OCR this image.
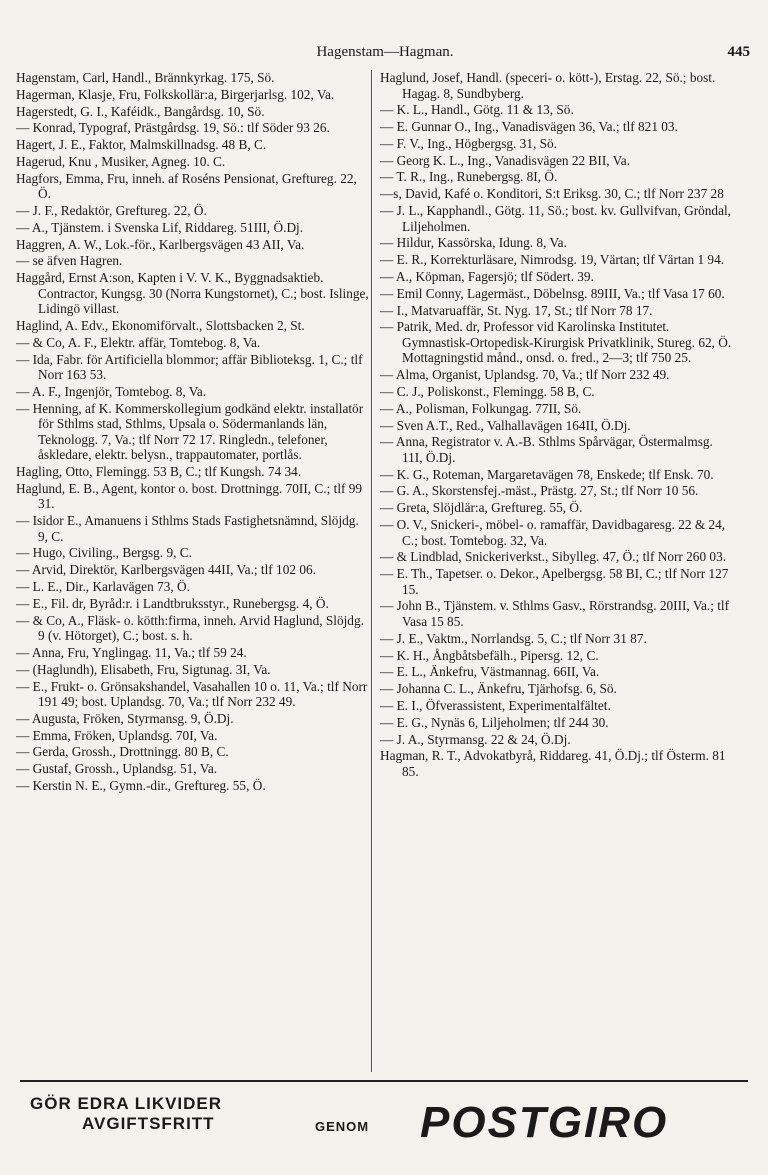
Hagenstam—Hagman.	445

Hagenstam, Carl, Handl., Brännkyrkag. 175, Sö.

Hagerman, Klasje, Fru, Folkskollär:a, Birgerjarlsg. 102, Va.

Hagerstedt, G. I., Kaféidk., Bangårdsg. 10, Sö.

— Konrad, Typograf, Prästgårdsg. 19, Sö.: tlf Söder 93 26.

Hagert, J. E., Faktor, Malmskillnadsg. 48 B, C.

Hagerud, Knu , Musiker, Agneg. 10. C.

Hagfors, Emma, Fru, inneh. af Roséns Pensionat, Greftureg. 22, Ö.

— J. F., Redaktör, Greftureg. 22, Ö.

— A., Tjänstem. i Svenska Lif, Riddareg. 51III, Ö.Dj.

Haggren, A. W., Lok.-för., Karlbergsvägen 43 AII, Va.

— se äfven Hagren.

Haggård, Ernst A:son, Kapten i V. V. K., Byggnadsaktieb. Contractor, Kungsg. 30 (Norra Kungstornet), C.; bost. Islinge, Lidingö villast.

Haglind, A. Edv., Ekonomiförvalt., Slottsbacken 2, St.

— & Co, A. F., Elektr. affär, Tomtebog. 8, Va.

— Ida, Fabr. för Artificiella blommor; affär Biblioteksg. 1, C.; tlf Norr 163 53.

— A. F., Ingenjör, Tomtebog. 8, Va.

— Henning, af K. Kommerskollegium godkänd elektr. installatör för Sthlms stad, Sthlms, Upsala o. Södermanlands län, Teknologg. 7, Va.; tlf Norr 72 17. Ringledn., telefoner, åskledare, elektr. belysn., trappautomater, portlås.

Hagling, Otto, Flemingg. 53 B, C.; tlf Kungsh. 74 34.

Haglund, E. B., Agent, kontor o. bost. Drottningg. 70II, C.; tlf 99 31.

— Isidor E., Amanuens i Sthlms Stads Fastighetsnämnd, Slöjdg. 9, C.

— Hugo, Civiling., Bergsg. 9, C.

— Arvid, Direktör, Karlbergsvägen 44II, Va.; tlf 102 06.

— L. E., Dir., Karlavägen 73, Ö.

— E., Fil. dr, Byråd:r. i Landtbruksstyr., Runebergsg. 4, Ö.

— & Co, A., Fläsk- o. kötth:firma, inneh. Arvid Haglund, Slöjdg. 9 (v. Hötorget), C.; bost. s. h.

— Anna, Fru, Ynglingag. 11, Va.; tlf 59 24.

— (Haglundh), Elisabeth, Fru, Sigtunag. 3I, Va.

— E., Frukt- o. Grönsakshandel, Vasahallen 10 o. 11, Va.; tlf Norr 191 49; bost. Uplandsg. 70, Va.; tlf Norr 232 49.

— Augusta, Fröken, Styrmansg. 9, Ö.Dj.

— Emma, Fröken, Uplandsg. 70I, Va.

— Gerda, Grossh., Drottningg. 80 B, C.

— Gustaf, Grossh., Uplandsg. 51, Va.

— Kerstin N. E., Gymn.-dir., Greftureg. 55, Ö.

Haglund, Josef, Handl. (speceri- o. kött-), Erstag. 22, Sö.; bost. Hagag. 8, Sundbyberg.

— K. L., Handl., Götg. 11 & 13, Sö.

— E. Gunnar O., Ing., Vanadisvägen 36, Va.; tlf 821 03.

— F. V., Ing., Högbergsg. 31, Sö.

— Georg K. L., Ing., Vanadisvägen 22 BII, Va.

— T. R., Ing., Runebergsg. 8I, Ö.

—s, David, Kafé o. Konditori, S:t Eriksg. 30, C.; tlf Norr 237 28

— J. L., Kapphandl., Götg. 11, Sö.; bost. kv. Gullvifvan, Gröndal, Liljeholmen.

— Hildur, Kassörska, Idung. 8, Va.

— E. R., Korrekturläsare, Nimrodsg. 19, Värtan; tlf Värtan 1 94.

— A., Köpman, Fagersjö; tlf Södert. 39.

— Emil Conny, Lagermäst., Döbelnsg. 89III, Va.; tlf Vasa 17 60.

— I., Matvaruaffär, St. Nyg. 17, St.; tlf Norr 78 17.

— Patrik, Med. dr, Professor vid Karolinska Institutet. Gymnastisk-Ortopedisk-Kirurgisk Privatklinik, Stureg. 62, Ö. Mottagningstid månd., onsd. o. fred., 2—3; tlf 750 25.

— Alma, Organist, Uplandsg. 70, Va.; tlf Norr 232 49.

— C. J., Poliskonst., Flemingg. 58 B, C.

— A., Polisman, Folkungag. 77II, Sö.

— Sven A.T., Red., Valhallavägen 164II, Ö.Dj.

— Anna, Registrator v. A.-B. Sthlms Spårvägar, Östermalmsg. 11I, Ö.Dj.

— K. G., Roteman, Margaretavägen 78, Enskede; tlf Ensk. 70.

— G. A., Skorstensfej.-mäst., Prästg. 27, St.; tlf Norr 10 56.

— Greta, Slöjdlär:a, Greftureg. 55, Ö.

— O. V., Snickeri-, möbel- o. ramaffär, Davidbagaresg. 22 & 24, C.; bost. Tomtebog. 32, Va.

— & Lindblad, Snickeriverkst., Sibylleg. 47, Ö.; tlf Norr 260 03.

— E. Th., Tapetser. o. Dekor., Apelbergsg. 58 BI, C.; tlf Norr 127 15.

— John B., Tjänstem. v. Sthlms Gasv., Rörstrandsg. 20III, Va.; tlf Vasa 15 85.

— J. E., Vaktm., Norrlandsg. 5, C.; tlf Norr 31 87.

— K. H., Ångbåtsbefälh., Pipersg. 12, C.

— E. L., Änkefru, Västmannag. 66II, Va.

— Johanna C. L., Änkefru, Tjärhofsg. 6, Sö.

— E. I., Öfverassistent, Experimentalfältet.

— E. G., Nynäs 6, Liljeholmen; tlf 244 30.

— J. A., Styrmansg. 22 & 24, Ö.Dj.

Hagman, R. T., Advokatbyrå, Riddareg. 41, Ö.Dj.; tlf Österm. 81 85.

GÖR EDRA LIKVIDER
AVGIFTSFRITT	GENOM POSTGIRO
